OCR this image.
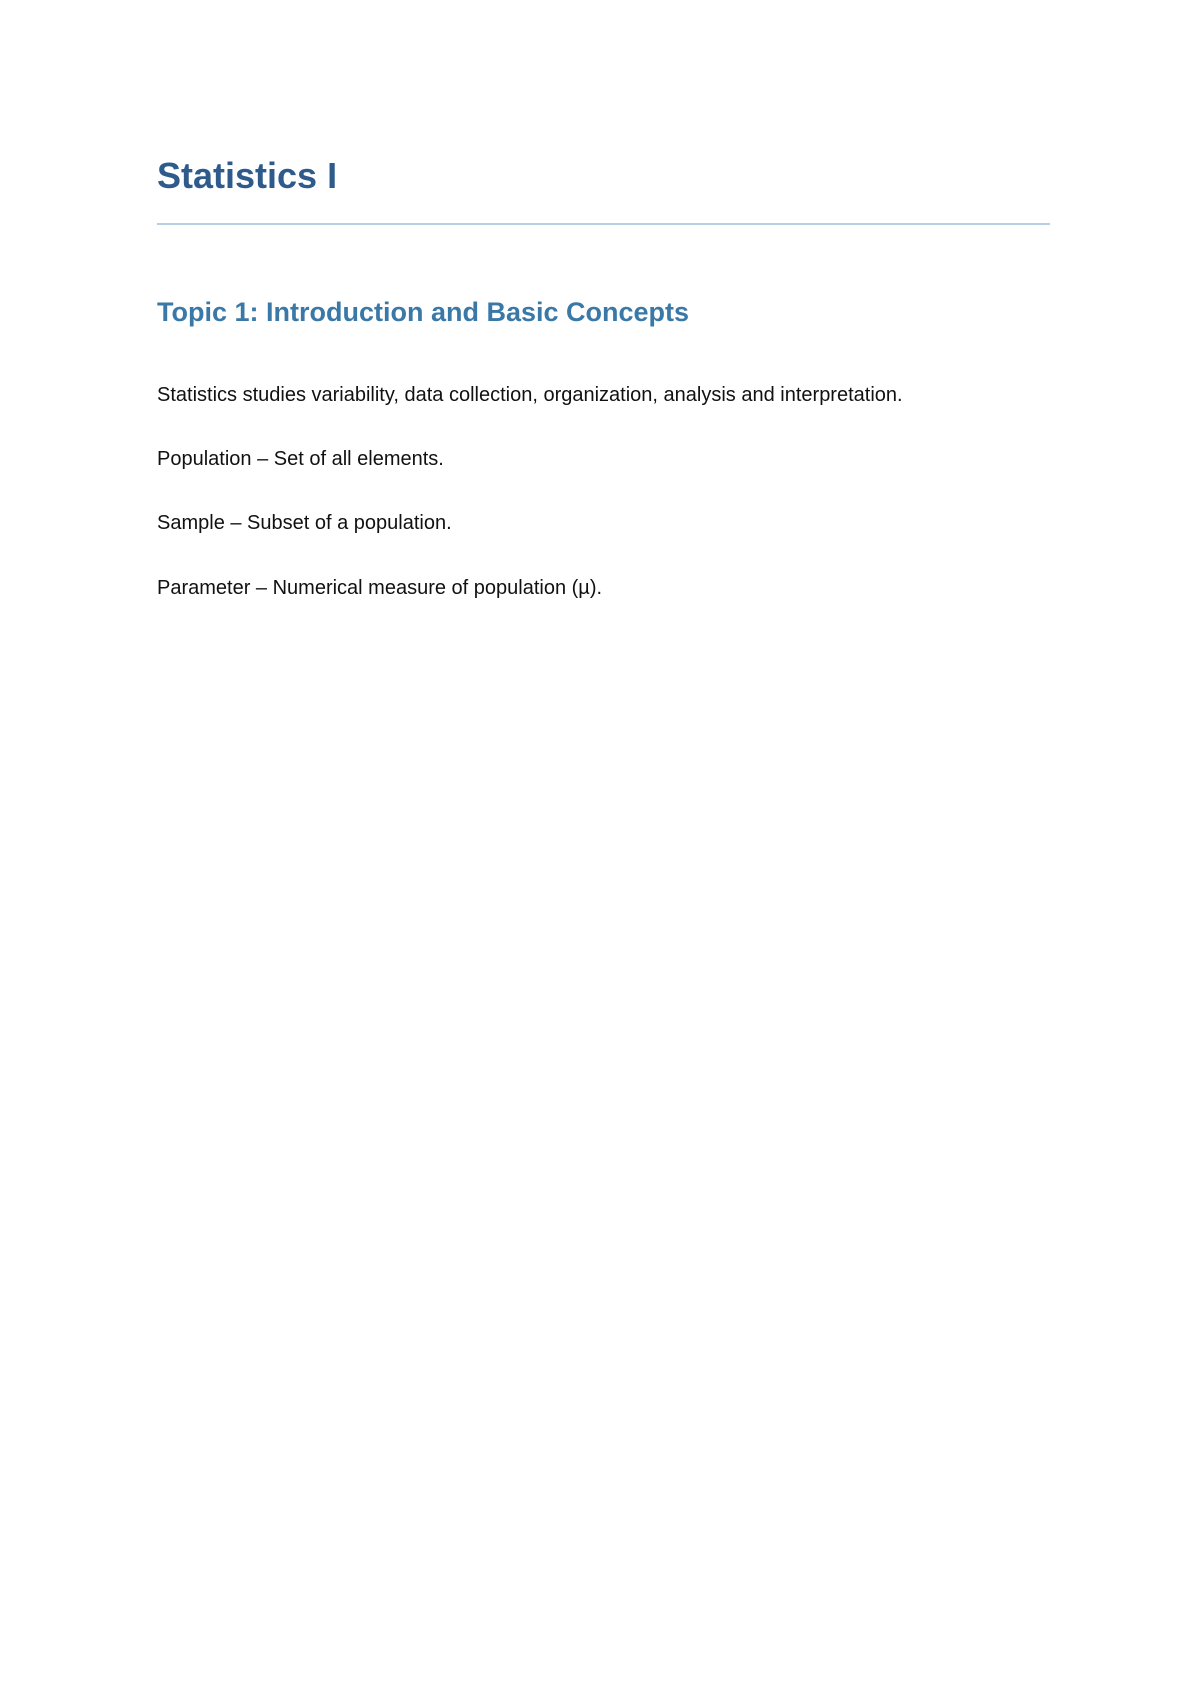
Statistics I
Topic 1: Introduction and Basic Concepts

Statistics studies variability, data collection, organization, analysis and interpretation.

Population – Set of all elements.

Sample – Subset of a population.

Parameter – Numerical measure of population (µ).
